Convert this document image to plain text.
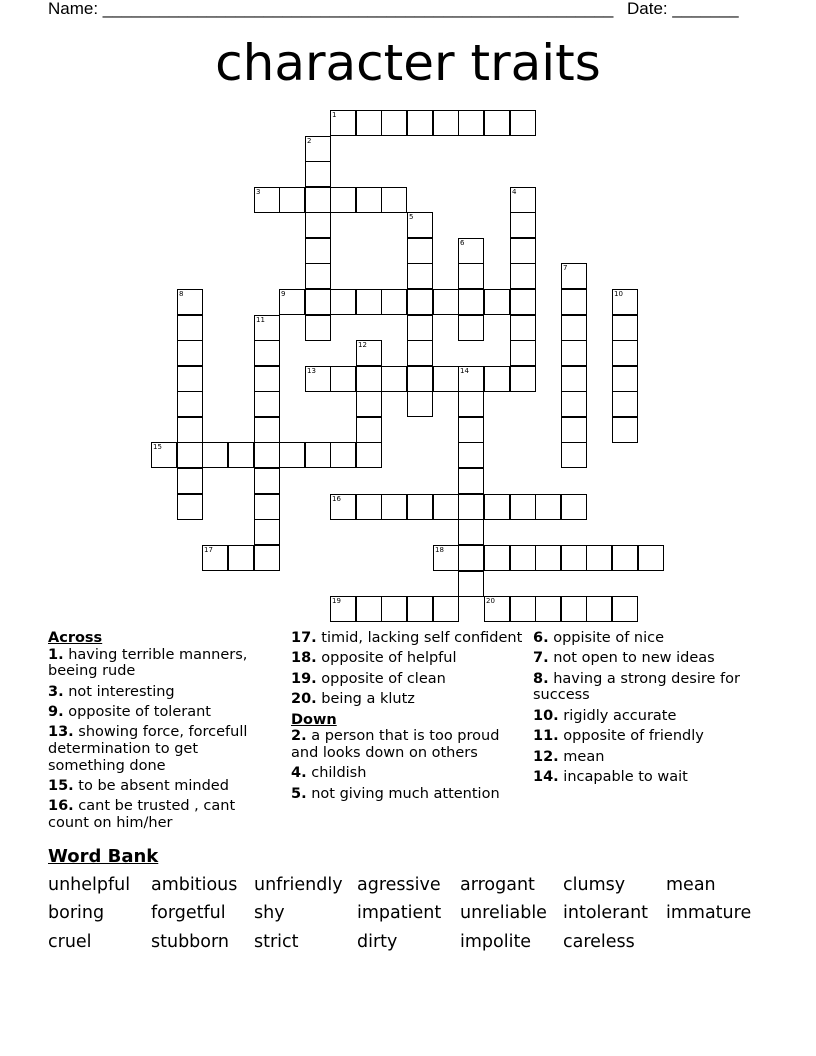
Name: ______________________________________________________ Date: _______
character traits
1
2
3	4
5
6
7
8	9	10
11
12
13	14
15
16
17	18
19	20
Across
1. having terrible manners, beeing rude
3. not interesting
9. opposite of tolerant
13. showing force, forcefull determination to get something done
15. to be absent minded
16. cant be trusted , cant count on him/her
17. timid, lacking self confident
18. opposite of helpful
19. opposite of clean
20. being a klutz
Down
2. a person that is too proud and looks down on others
4. childish
5. not giving much attention
6. oppisite of nice
7. not open to new ideas
8. having a strong desire for success
10. rigidly accurate
11. opposite of friendly
12. mean
14. incapable to wait
Word Bank
unhelpful ambitious unfriendly agressive arrogant clumsy mean
boring	forgetful shy	impatient unreliable intolerant immature
cruel	stubborn strict	dirty	impolite careless
